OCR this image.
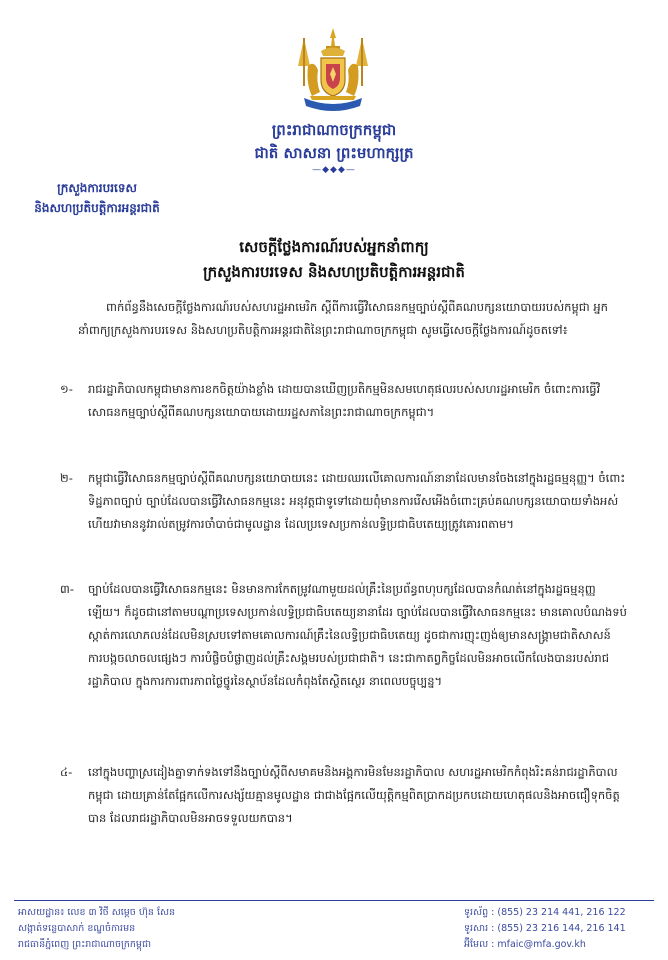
ព្រះរាជាណាចក្រកម្ពុជា
ជាតិ សាសនា ព្រះមហាក្សត្រ
—◆◆◆—
ក្រសួងការបរទេស
និងសហប្រតិបត្តិការអន្តរជាតិ
សេចក្តីថ្លែងការណ៍របស់អ្នកនាំពាក្យ
ក្រសួងការបរទេស និងសហប្រតិបត្តិការអន្តរជាតិ
ពាក់ព័ន្ធនឹងសេចក្តីថ្លែងការណ៍របស់សហរដ្ឋអាមេរិក ស្តីពីការធ្វើវិសោធនកម្មច្បាប់ស្តីពីគណបក្សនយោបាយរបស់កម្ពុជា អ្នកនាំពាក្យក្រសួងការបរទេស និងសហប្រតិបត្តិការអន្តរជាតិនៃព្រះរាជាណាចក្រកម្ពុជា សូមធ្វើសេចក្តីថ្លែងការណ៍ដូចតទៅ៖
១- រាជរដ្ឋាភិបាលកម្ពុជាមានការខកចិត្តយ៉ាងខ្លាំង ដោយបានឃើញប្រតិកម្មមិនសមហេតុផលរបស់សហរដ្ឋអាមេរិក ចំពោះការធ្វើវិសោធនកម្មច្បាប់ស្តីពីគណបក្សនយោបាយដោយរដ្ឋសភានៃព្រះរាជាណាចក្រកម្ពុជា។
២- កម្ពុជាធ្វើវិសោធនកម្មច្បាប់ស្តីពីគណបក្សនយោបាយនេះ ដោយឈរលើគោលការណ៍នានាដែលមានចែងនៅក្នុងរដ្ឋធម្មនុញ្ញ។ ចំពោះទិដ្ឋភាពច្បាប់ ច្បាប់ដែលបានធ្វើវិសោធនកម្មនេះ អនុវត្តជាទូទៅដោយពុំមានការរើសអើងចំពោះគ្រប់គណបក្សនយោបាយទាំងអស់ ហើយវាមាននូវរាល់តម្រូវការចាំបាច់ជាមូលដ្ឋាន ដែលប្រទេសប្រកាន់លទ្ធិប្រជាធិបតេយ្យត្រូវគោរពតាម។
៣- ច្បាប់ដែលបានធ្វើវិសោធនកម្មនេះ មិនមានការកែតម្រូវណាមួយដល់គ្រឹះនៃប្រព័ន្ធពហុបក្សដែលបានកំណត់នៅក្នុងរដ្ឋធម្មនុញ្ញឡើយ។ ក៏ដូចជានៅតាមបណ្តាប្រទេសប្រកាន់លទ្ធិប្រជាធិបតេយ្យនានាដែរ ច្បាប់ដែលបានធ្វើវិសោធនកម្មនេះ មានគោលបំណងទប់ស្កាត់ការលោភលន់ដែលមិនស្របទៅតាមគោលការណ៍គ្រឹះនៃលទ្ធិប្រជាធិបតេយ្យ ដូចជាការញុះញង់ឲ្យមានសង្គ្រាមជាតិសាសន៍ ការបង្កចលាចលផ្សេងៗ ការបំផ្លិចបំផ្លាញដល់គ្រឹះសង្គមរបស់ប្រជាជាតិ។ នេះជាកាតព្វកិច្ចដែលមិនអាចលើកលែងបានរបស់រាជរដ្ឋាភិបាល ក្នុងការការពារភាពថ្លៃថ្នូរនៃស្ថាប័នដែលកំពុងតែស្ថិតស្ថេរ នាពេលបច្ចុប្បន្ន។
៤- នៅក្នុងបញ្ហាស្រដៀងគ្នាទាក់ទងទៅនឹងច្បាប់ស្តីពីសមាគមនិងអង្គការមិនមែនរដ្ឋាភិបាល សហរដ្ឋអាមេរិកកំពុងរិះគន់រាជរដ្ឋាភិបាលកម្ពុជា ដោយគ្រាន់តែផ្អែកលើការសង្ស័យគ្មានមូលដ្ឋាន ជាជាងផ្អែកលើយុត្តិកម្មពិតប្រាកដប្រកបដោយហេតុផលនិងអាចជឿទុកចិត្តបាន ដែលរាជរដ្ឋាភិបាលមិនអាចទទួលយកបាន។
អាសយដ្ឋាន៖ លេខ ៣ វិថី សម្តេច ហ៊ុន សែន
សង្កាត់ទន្លេបាសាក់ ខណ្ឌចំការមន
រាជធានីភ្នំពេញ ព្រះរាជាណាចក្រកម្ពុជា
ទូរស័ព្ទ : (855) 23 214 441, 216 122
ទូរសារ : (855) 23 216 144, 216 141
អ៊ីមែល : mfaic@mfa.gov.kh
